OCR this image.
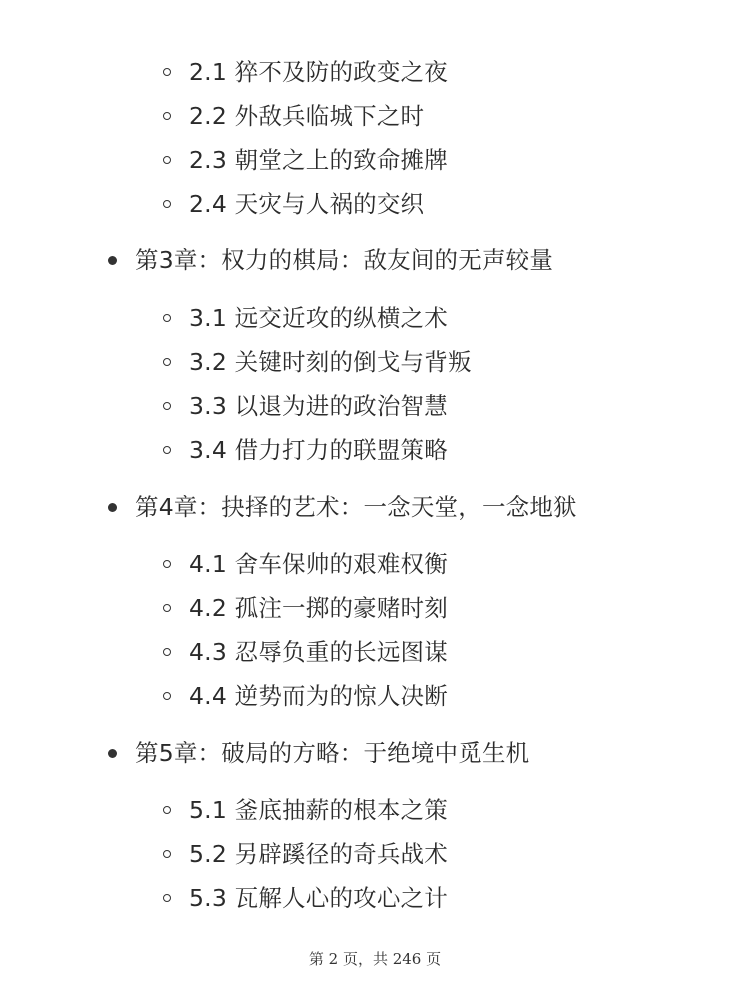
2.1 猝不及防的政变之夜
2.2 外敌兵临城下之时
2.3 朝堂之上的致命摊牌
2.4 天灾与人祸的交织
第3章：权力的棋局：敌友间的无声较量
3.1 远交近攻的纵横之术
3.2 关键时刻的倒戈与背叛
3.3 以退为进的政治智慧
3.4 借力打力的联盟策略
第4章：抉择的艺术：一念天堂，一念地狱
4.1 舍车保帅的艰难权衡
4.2 孤注一掷的豪赌时刻
4.3 忍辱负重的长远图谋
4.4 逆势而为的惊人决断
第5章：破局的方略：于绝境中觅生机
5.1 釜底抽薪的根本之策
5.2 另辟蹊径的奇兵战术
5.3 瓦解人心的攻心之计
第 2 页，共 246 页
